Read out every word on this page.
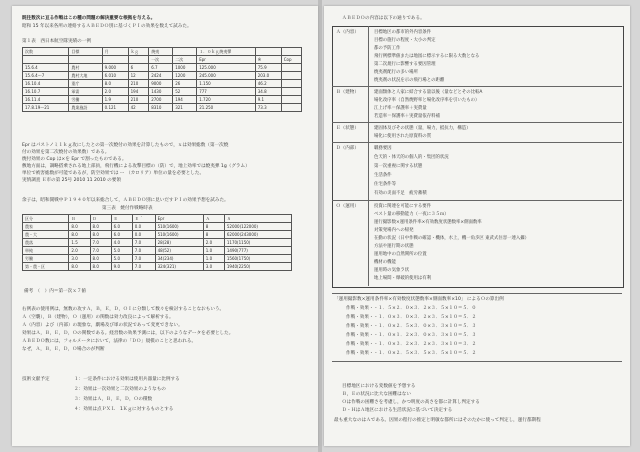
既往数次に亘る作戦はこの種の問題の解決重要な根拠を与える。
昭和 15 年以来各所の連絡するＡＢＥＤＯ別に基づくＰＩの効果を数えて試みた。
第１表　西日本航空隊実績の一例
次数	目標	月	ｋｇ	焼夷		１．０ｋｇ焼夷彈		
				一次	二次	Epr	※	Cop
15.6.4	農村	9.000	6	6.7	1000	125.000	75.9	
15.6.4〜7	農村大地	6.010	12	2424	1200	245.000	203.0	
16.10.4	重庁	8.0	210	9000	26	1.150	46.2	
16.10.7	軍需	2.0	194	1430	52	777	34.8	
16.11.4	労働	1.9	210	2700	194	1.720	9.1	
17.8.19〜21	農業施設	0.121	42	8310	321	21.250	73.3	
Epr はパストノミ１ｋｇ攻にしたとの第一次焼付の効果を計算したもので，ｘは効果総数（第一次焼
付の効果を第二次焼付の効果数）である。
焼付効果の Cop は×を Epr で割ったものである。
敷地方面は，調略搭乗される地上部員，飛行機による攻撃目標の（防）で，地上効率では焼夷弾 1g（グラム）
単位で被害総数が可能であるが，防空効果では ー （カロリア）単位の量を必要とした。
実情調査 Ｅ市の第 25号 2010 11 2010 の要領
余子は，昭和開戦中Ｐ１９４０年以来総合して，ＡＢＥＤＯ別に見いだすＰＩの効果予想を試みた。
第三表　焼付作戦略時表
区分	Ｂ	Ｄ	Ｅ	Ｅ ´	Epr	Ａ	Ｓ
農家	8.0	8.0	6.0	0.0	510(1600)	8	52000(122000)
農・大	8.0	8.0	6.0	0.0	510(1600)	8	62000(243000)
農落	1.5	7.0	4.0	7.0	28(28)	2.0	1170(1150)
単純	2.0	7.0	5.0	7.0	48(52)	1.0	1490(777)
労働	3.0	8.0	5.0	7.0	34(234)	1.0	1560(1750)
第・農・区	8.0	8.0	9.0	7.0	324(321)	3.0	1940(2250)
備考　（　）内＝第一次ｘ７値
右例表の使用例は，無数の攻すＡ，Ｂ，Ｅ，Ｄ，ＯＩに分類して数々を検討することなおもいう。
Ａ（空襲），Ｂ（建物），Ｏ（運用）の関数は効力改良によって解析する。
Ａ（内容）よび（内部）の現象な，劇場及び軍の状況であって変更できない。
効果はＡ，Ｂ，Ｅ，Ｄ，Ｏの関数である。経営数の効果予測には，以下のようなデータを必要とした。
ＡＢＥＤＯ数には，フォルメータにおいて，法律の「ＤＯ」規模のことと思われる。
なぜ，Ａ，Ｂ，Ｅ，Ｄ，Ｏ場合のが判断
技術文献予定	１：一定条件における効果は使用兵器量に比例する
２：効果は一次効果と二次効果のようなもの
３：効果はＡ，Ｂ，Ｅ，Ｄ，Ｏの積数
４：効果は点ＰＸＬ　1Ｋｇに対するものとする
ＡＢＥＤＯの内容は以下の通りである。
Ａ（内容）	目標地区の都市的外内容条件
目標の施行の程度・大小の判定
都の予防工作
飛行例標準値または地図に標示するに限る大数となる
第二次規行に影響する要因管理
焼夷剤配行の多い場所
焼夷剤の状況を示の飛行場との距離
Ｂ（建物）	建面類体と人家に結合する量以後（量などとその比較A
場化改序率（自然焼野率と場化改序率を引いたもの）
江上げ率＝保護率＋実費量
若造率＝保護率＋実費量依存料補
Ｅ（状態）	建固体及びその状態（量，場力，抵抗力，構造）
場化に使用された原資料の質
Ｄ（内部）	職務要因
色天的・体天的の個人的・集団的状況
第一次重複に関する状態
生活条件
住宅条件等
有効の炎面不足　疲労蓄積
Ｏ（運用）	投資に関連を可能にする要件
ベスト量の移動能力（一夜に３５ｍ）
運行撮影数×運用条件率×有効数度状態数率×側面数率
対策発場内への帰発
在勤の状況（日中作戦の確認・機体，水上，機一角歩区 東武式住容一連入攝）
方法や運行期の状態
運用地中の自然関所の位置
機材の機能
運用時の気象ラ状
地上場間・爆破的使用は有利
「運用撮影数×運用条件率×有効数度状態数率×側面数率×10」 によるＯの算出例
作戦・効果・・１．５×２．０×３．２×３．５×１０＝５．０
作戦・効果・・１．０×３．０×３．２×３．５×１０＝５．２
作戦・効果・・１．０×２．５×３．０×３．３×１０＝５．３
作戦・効果・・１．０×１．２×３．０×３．３×１０＝５．３
作戦・効果・・１．０×３．２×３．２×３．３×１０＝３．２
作戦・効果・・１．０×２．５×３．５×３．５×１０＝５．２
目標地区における変数値を予想する
Ｂ，Ｅの状況に比大な困難はない
Ｏは作戦の困難さを考慮し，かつ明度の高さを都に計算し判定する
Ｄ・ＨはＡ地区における生活状況に基づいて決定する
最も重大なのはＡである。因果の程行の推定と明敏な都所にはそのたかに使って判定し，運行都期程
